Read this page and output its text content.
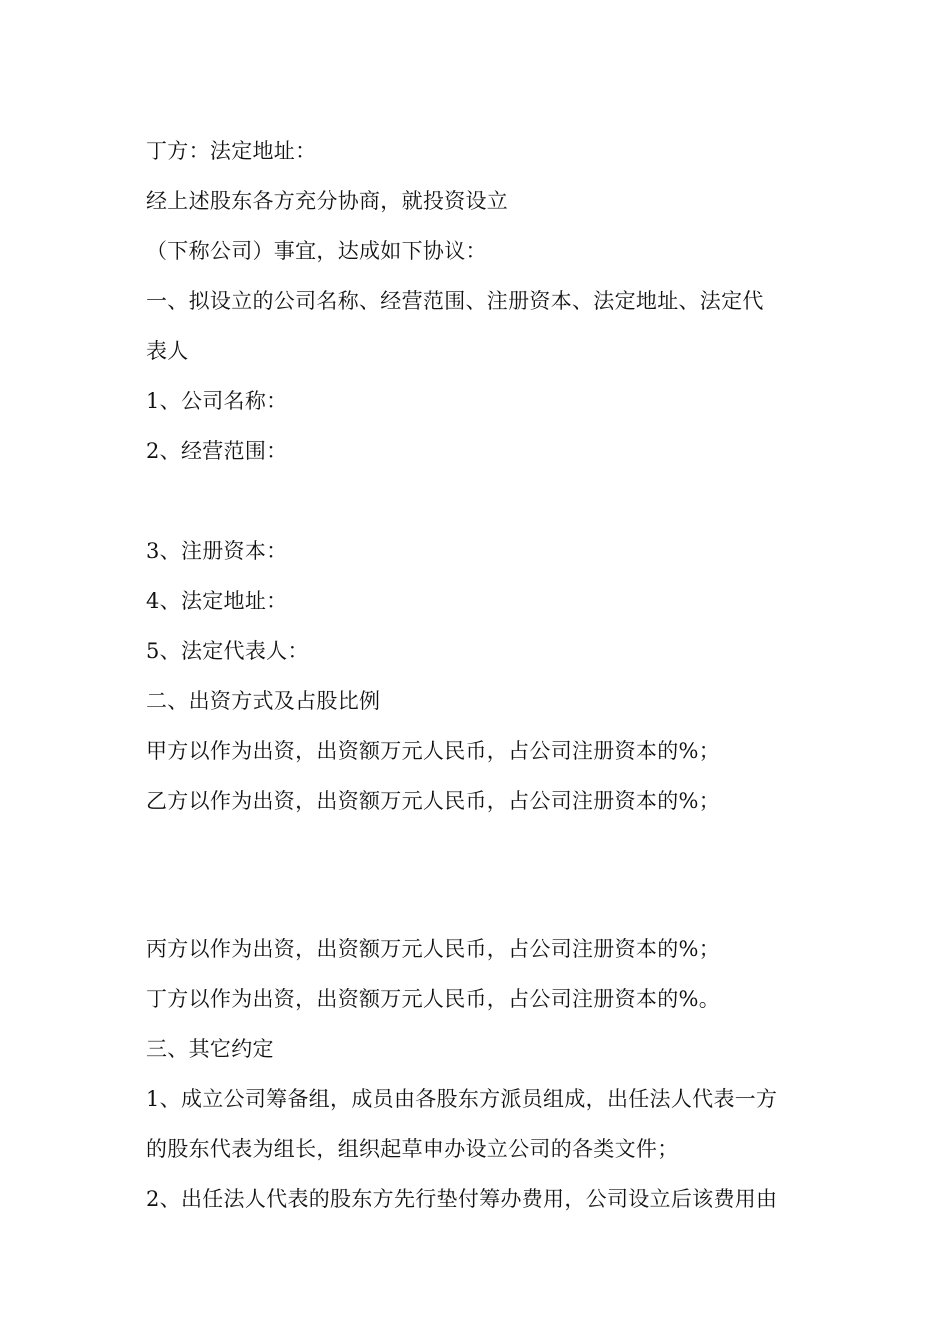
丁方：法定地址：
经上述股东各方充分协商，就投资设立
（下称公司）事宜，达成如下协议：
一、拟设立的公司名称、经营范围、注册资本、法定地址、法定代
表人
1、公司名称：
2、经营范围：
3、注册资本：
4、法定地址：
5、法定代表人：
二、出资方式及占股比例
甲方以作为出资，出资额万元人民币，占公司注册资本的%；
乙方以作为出资，出资额万元人民币，占公司注册资本的%；
丙方以作为出资，出资额万元人民币，占公司注册资本的%；
丁方以作为出资，出资额万元人民币，占公司注册资本的%。
三、其它约定
1、成立公司筹备组，成员由各股东方派员组成，出任法人代表一方
的股东代表为组长，组织起草申办设立公司的各类文件；
2、出任法人代表的股东方先行垫付筹办费用，公司设立后该费用由
